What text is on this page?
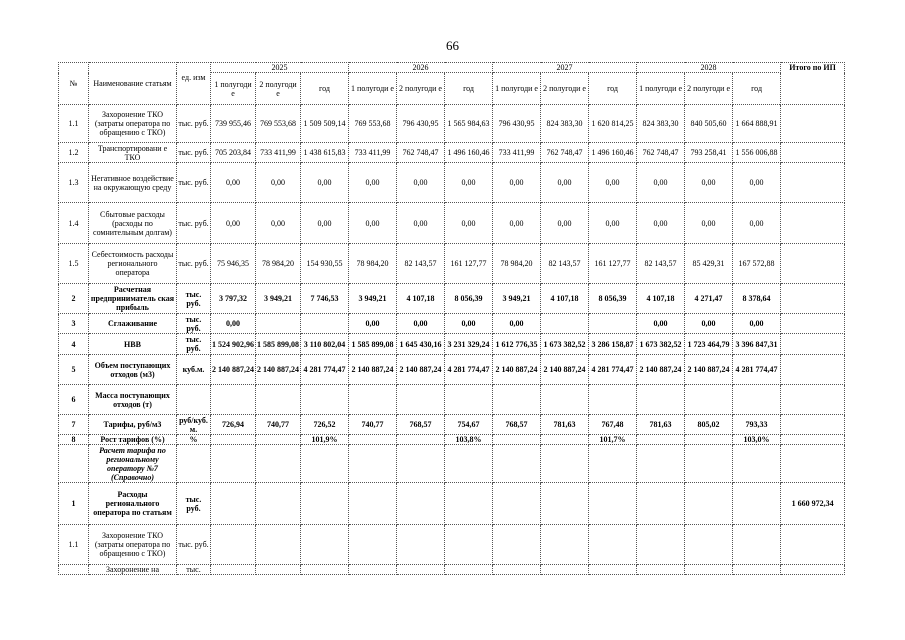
66
№	Наименование статьям	ед. изм	2025			2026			2027			2028			Итого по ИП
			1 полугоди е	2 полугоди е	год	1 полугоди е	2 полугоди е	год	1 полугоди е	2 полугоди е	год	1 полугоди е	2 полугоди е	год	
1.1	Захоронение ТКО (затраты оператора по обращению с ТКО)	тыс. руб.	739 955,46	769 553,68	1 509 509,14	769 553,68	796 430,95	1 565 984,63	796 430,95	824 383,30	1 620 814,25	824 383,30	840 505,60	1 664 888,91	
1.2	Транспортировани е ТКО	тыс. руб.	705 203,84	733 411,99	1 438 615,83	733 411,99	762 748,47	1 496 160,46	733 411,99	762 748,47	1 496 160,46	762 748,47	793 258,41	1 556 006,88	
1.3	Негативное воздействие на окружающую среду	тыс. руб.	0,00	0,00	0,00	0,00	0,00	0,00	0,00	0,00	0,00	0,00	0,00	0,00	
1.4	Сбытовые расходы (расходы по сомнительным долгам)	тыс. руб.	0,00	0,00	0,00	0,00	0,00	0,00	0,00	0,00	0,00	0,00	0,00	0,00	
1.5	Себестоимость расходы регионального оператора	тыс. руб.	75 946,35	78 984,20	154 930,55	78 984,20	82 143,57	161 127,77	78 984,20	82 143,57	161 127,77	82 143,57	85 429,31	167 572,88	
2	Расчетная предприниматель ская прибыль	тыс. руб.	3 797,32	3 949,21	7 746,53	3 949,21	4 107,18	8 056,39	3 949,21	4 107,18	8 056,39	4 107,18	4 271,47	8 378,64	
3	Сглаживание	тыс. руб.	0,00			0,00	0,00	0,00	0,00			0,00	0,00	0,00	
4	НВВ	тыс. руб.	1 524 902,96	1 585 899,08	3 110 802,04	1 585 899,08	1 645 430,16	3 231 329,24	1 612 776,35	1 673 382,52	3 286 158,87	1 673 382,52	1 723 464,79	3 396 847,31	
5	Объем поступающих отходов (м3)	куб.м.	2 140 887,24	2 140 887,24	4 281 774,47	2 140 887,24	2 140 887,24	4 281 774,47	2 140 887,24	2 140 887,24	4 281 774,47	2 140 887,24	2 140 887,24	4 281 774,47	
6	Масса поступающих отходов (т)														
7	Тарифы, руб/м3	руб/куб. м.	726,94	740,77	726,52	740,77	768,57	754,67	768,57	781,63	767,48	781,63	805,02	793,33	
8	Рост тарифов (%)	%			101,9%			103,8%			101,7%			103,0%	
	Расчет тарифа по региональному оператору №7 (Справочно)														
1	Расходы регионального оператора по статьям	тыс. руб.													1 660 972,34
1.1	Захоронение ТКО (затраты оператора по обращению с ТКО)	тыс. руб.													
	Захоронение на	тыс.													
